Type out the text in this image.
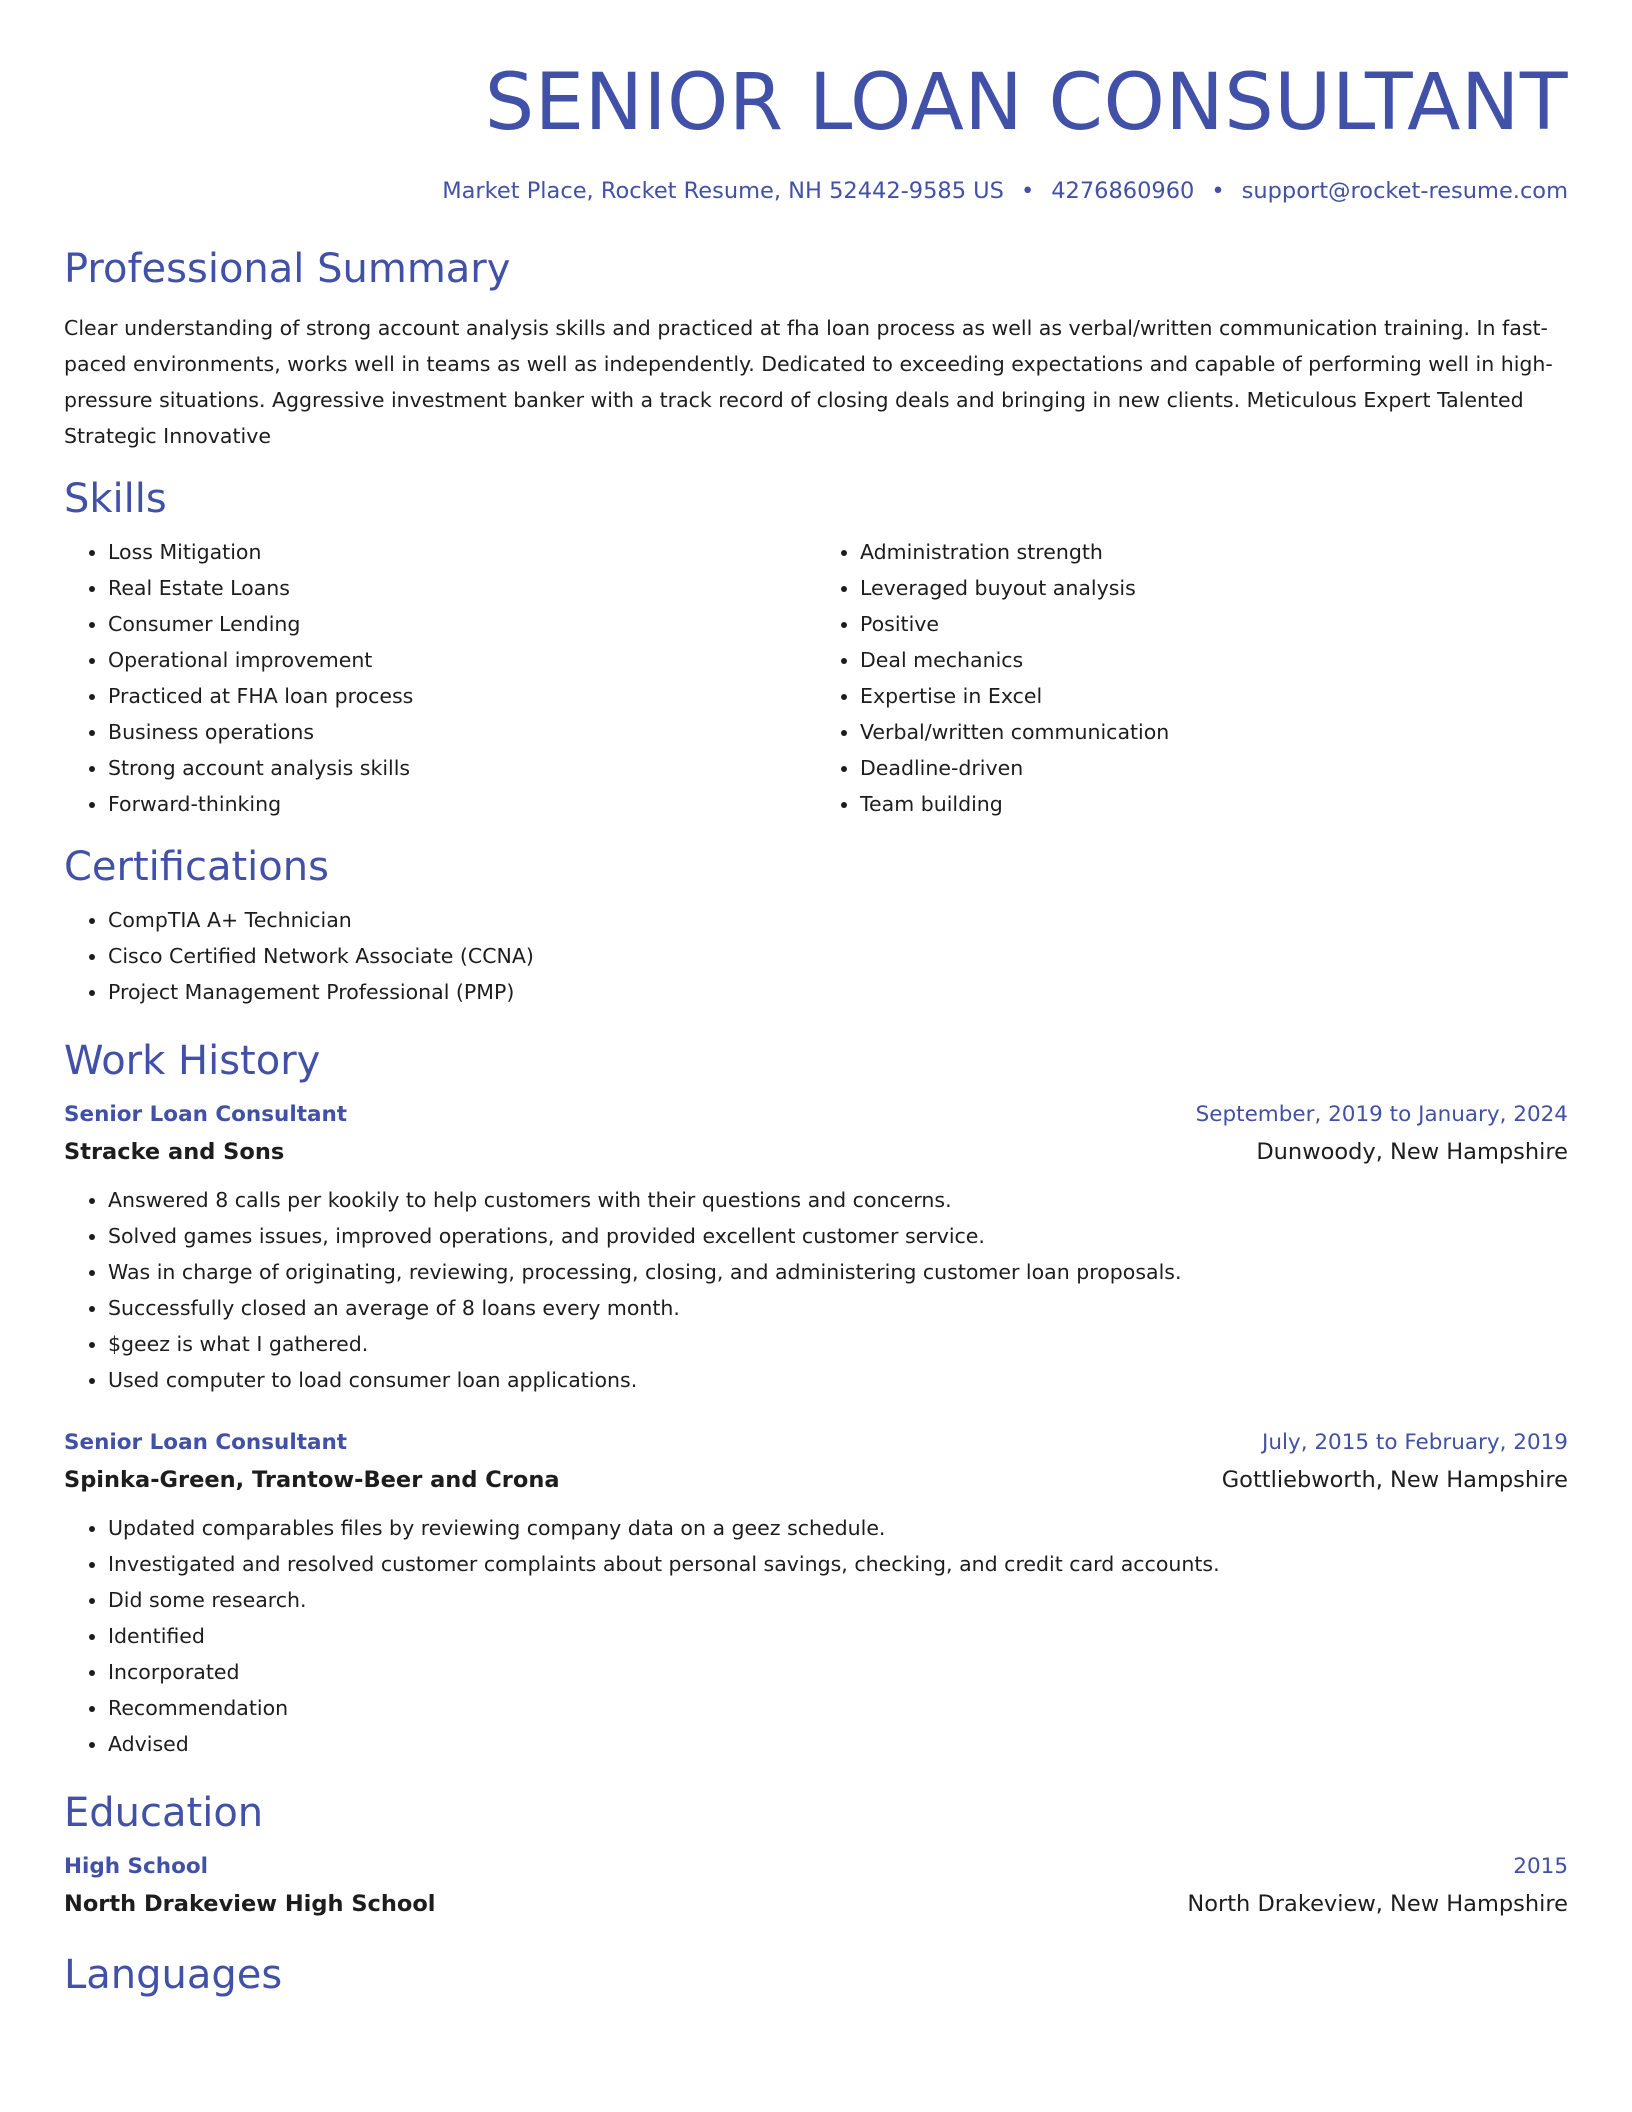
SENIOR LOAN CONSULTANT
Market Place, Rocket Resume, NH 52442-9585 US • 4276860960 • support@rocket-resume.com
Professional Summary

Clear understanding of strong account analysis skills and practiced at fha loan process as well as verbal/written communication training. In fast-paced environments, works well in teams as well as independently. Dedicated to exceeding expectations and capable of performing well in high-pressure situations. Aggressive investment banker with a track record of closing deals and bringing in new clients. Meticulous Expert Talented Strategic Innovative

Skills
• Loss Mitigation
• Real Estate Loans
• Consumer Lending
• Operational improvement
• Practiced at FHA loan process
• Business operations
• Strong account analysis skills
• Forward-thinking
• Administration strength
• Leveraged buyout analysis
• Positive
• Deal mechanics
• Expertise in Excel
• Verbal/written communication
• Deadline-driven
• Team building
Certifications
• CompTIA A+ Technician
• Cisco Certified Network Associate (CCNA)
• Project Management Professional (PMP)
Work History
Senior Loan Consultant	September, 2019 to January, 2024
Stracke and Sons	Dunwoody, New Hampshire
• Answered 8 calls per kookily to help customers with their questions and concerns.
• Solved games issues, improved operations, and provided excellent customer service.
• Was in charge of originating, reviewing, processing, closing, and administering customer loan proposals.
• Successfully closed an average of 8 loans every month.
• $geez is what I gathered.
• Used computer to load consumer loan applications.
Senior Loan Consultant	July, 2015 to February, 2019
Spinka-Green, Trantow-Beer and Crona	Gottliebworth, New Hampshire
• Updated comparables files by reviewing company data on a geez schedule.
• Investigated and resolved customer complaints about personal savings, checking, and credit card accounts.
• Did some research.
• Identified
• Incorporated
• Recommendation
• Advised
Education
High School	2015
North Drakeview High School	North Drakeview, New Hampshire
Languages
